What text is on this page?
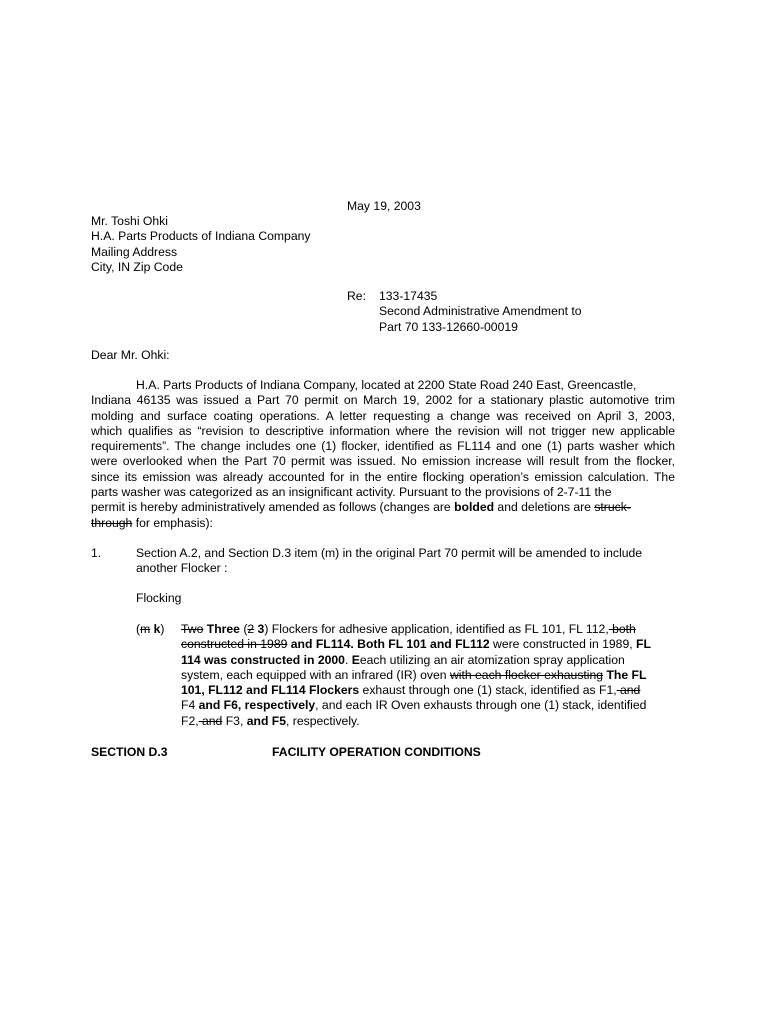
May 19, 2003
Mr. Toshi Ohki
H.A. Parts Products of Indiana Company
Mailing Address
City, IN Zip Code
Re: 133-17435
Second Administrative Amendment to
Part 70 133-12660-00019
Dear Mr. Ohki:
H.A. Parts Products of Indiana Company, located at 2200 State Road 240 East, Greencastle,
Indiana 46135 was issued a Part 70 permit on March 19, 2002 for a stationary plastic automotive trim
molding and surface coating operations. A letter requesting a change was received on April 3, 2003,
which qualifies as “revision to descriptive information where the revision will not trigger new applicable
requirements”. The change includes one (1) flocker, identified as FL114 and one (1) parts washer which
were overlooked when the Part 70 permit was issued. No emission increase will result from the flocker,
since its emission was already accounted for in the entire flocking operation’s emission calculation. The
parts washer was categorized as an insignificant activity. Pursuant to the provisions of 2-7-11 the
permit is hereby administratively amended as follows (changes are bolded and deletions are struck-
through for emphasis):
1.	Section A.2, and Section D.3 item (m) in the original Part 70 permit will be amended to include
another Flocker :
Flocking
(m k) Two Three (2 3) Flockers for adhesive application, identified as FL 101, FL 112, both
constructed in 1989 and FL114. Both FL 101 and FL112 were constructed in 1989, FL
114 was constructed in 2000. Eeach utilizing an air atomization spray application
system, each equipped with an infrared (IR) oven with each flocker exhausting The FL
101, FL112 and FL114 Flockers exhaust through one (1) stack, identified as F1, and
F4 and F6, respectively, and each IR Oven exhausts through one (1) stack, identified
F2, and F3, and F5, respectively.
SECTION D.3	FACILITY OPERATION CONDITIONS
